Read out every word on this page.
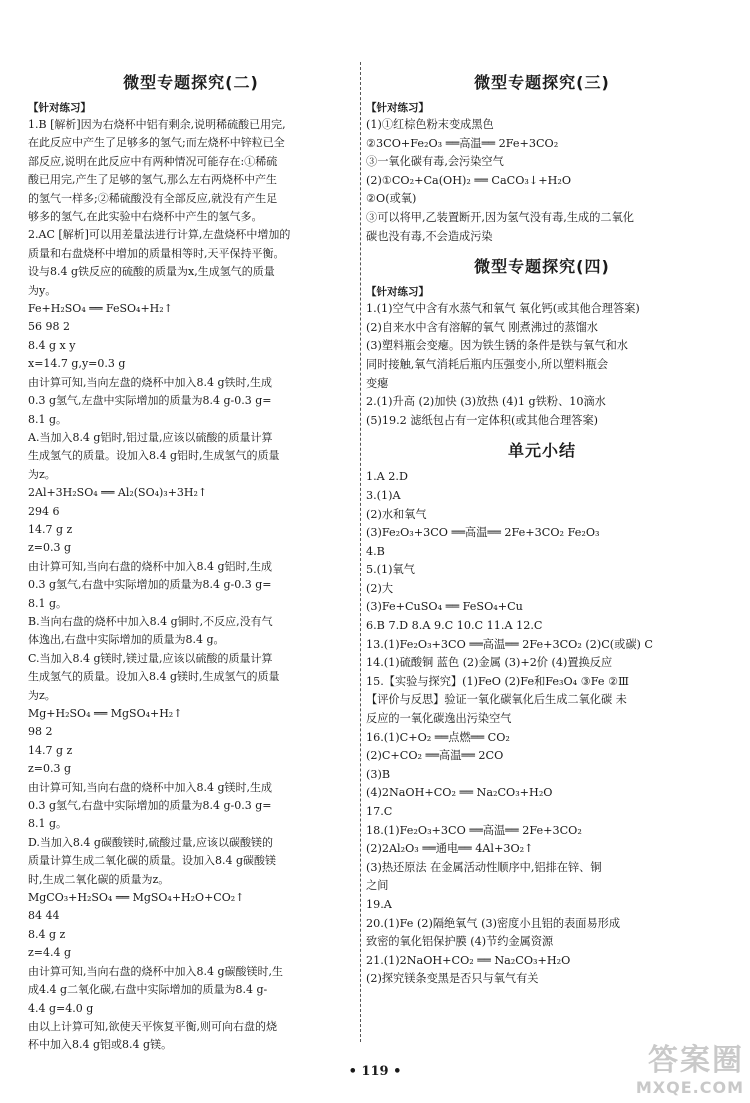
微型专题探究(二)
【针对练习】
1.B [解析]因为右烧杯中铝有剩余,说明稀硫酸已用完,
在此反应中产生了足够多的氢气;而左烧杯中锌粒已全
部反应,说明在此反应中有两种情况可能存在:①稀硫
酸已用完,产生了足够的氢气,那么左右两烧杯中产生
的氢气一样多;②稀硫酸没有全部反应,就没有产生足
够多的氢气,在此实验中右烧杯中产生的氢气多。
2.AC [解析]可以用差量法进行计算,左盘烧杯中增加的
质量和右盘烧杯中增加的质量相等时,天平保持平衡。
设与8.4 g铁反应的硫酸的质量为x,生成氢气的质量
为y。
Fe+H₂SO₄ ══ FeSO₄+H₂↑
56 98 2
8.4 g x y
x=14.7 g,y=0.3 g
由计算可知,当向左盘的烧杯中加入8.4 g铁时,生成
0.3 g氢气,左盘中实际增加的质量为8.4 g-0.3 g=
8.1 g。
A.当加入8.4 g铝时,铝过量,应该以硫酸的质量计算
生成氢气的质量。设加入8.4 g铝时,生成氢气的质量
为z。
2Al+3H₂SO₄ ══ Al₂(SO₄)₃+3H₂↑
294 6
14.7 g z
z=0.3 g
由计算可知,当向右盘的烧杯中加入8.4 g铝时,生成
0.3 g氢气,右盘中实际增加的质量为8.4 g-0.3 g=
8.1 g。
B.当向右盘的烧杯中加入8.4 g铜时,不反应,没有气
体逸出,右盘中实际增加的质量为8.4 g。
C.当加入8.4 g镁时,镁过量,应该以硫酸的质量计算
生成氢气的质量。设加入8.4 g镁时,生成氢气的质量
为z。
Mg+H₂SO₄ ══ MgSO₄+H₂↑
98 2
14.7 g z
z=0.3 g
由计算可知,当向右盘的烧杯中加入8.4 g镁时,生成
0.3 g氢气,右盘中实际增加的质量为8.4 g-0.3 g=
8.1 g。
D.当加入8.4 g碳酸镁时,硫酸过量,应该以碳酸镁的
质量计算生成二氧化碳的质量。设加入8.4 g碳酸镁
时,生成二氧化碳的质量为z。
MgCO₃+H₂SO₄ ══ MgSO₄+H₂O+CO₂↑
84 44
8.4 g z
z=4.4 g
由计算可知,当向右盘的烧杯中加入8.4 g碳酸镁时,生
成4.4 g二氧化碳,右盘中实际增加的质量为8.4 g-
4.4 g=4.0 g
由以上计算可知,欲使天平恢复平衡,则可向右盘的烧
杯中加入8.4 g铝或8.4 g镁。
微型专题探究(三)
【针对练习】
(1)①红棕色粉末变成黑色
②3CO+Fe₂O₃ ══高温══ 2Fe+3CO₂
③一氧化碳有毒,会污染空气
(2)①CO₂+Ca(OH)₂ ══ CaCO₃↓+H₂O
②O(或氧)
③可以将甲,乙装置断开,因为氢气没有毒,生成的二氧化
碳也没有毒,不会造成污染
微型专题探究(四)
【针对练习】
1.(1)空气中含有水蒸气和氧气 氧化钙(或其他合理答案)
(2)自来水中含有溶解的氧气 刚煮沸过的蒸馏水
(3)塑料瓶会变瘪。因为铁生锈的条件是铁与氧气和水
同时接触,氧气消耗后瓶内压强变小,所以塑料瓶会
变瘪
2.(1)升高 (2)加快 (3)放热 (4)1 g铁粉、10滴水
(5)19.2 滤纸包占有一定体积(或其他合理答案)
单元小结
1.A 2.D
3.(1)A
(2)水和氧气
(3)Fe₂O₃+3CO ══高温══ 2Fe+3CO₂ Fe₂O₃
4.B
5.(1)氧气
(2)大
(3)Fe+CuSO₄ ══ FeSO₄+Cu
6.B 7.D 8.A 9.C 10.C 11.A 12.C
13.(1)Fe₂O₃+3CO ══高温══ 2Fe+3CO₂ (2)C(或碳) C
14.(1)硫酸铜 蓝色 (2)金属 (3)+2价 (4)置换反应
15.【实验与探究】(1)FeO (2)Fe和Fe₃O₄ ③Fe ②Ⅲ
【评价与反思】验证一氧化碳氧化后生成二氧化碳 未
反应的一氧化碳逸出污染空气
16.(1)C+O₂ ══点燃══ CO₂
(2)C+CO₂ ══高温══ 2CO
(3)B
(4)2NaOH+CO₂ ══ Na₂CO₃+H₂O
17.C
18.(1)Fe₂O₃+3CO ══高温══ 2Fe+3CO₂
(2)2Al₂O₃ ══通电══ 4Al+3O₂↑
(3)热还原法 在金属活动性顺序中,铝排在锌、铜
之间
19.A
20.(1)Fe (2)隔绝氧气 (3)密度小且铝的表面易形成
致密的氧化铝保护膜 (4)节约金属资源
21.(1)2NaOH+CO₂ ══ Na₂CO₃+H₂O
(2)探究镁条变黑是否只与氧气有关
• 119 •	答案圈
MXQE.COM
